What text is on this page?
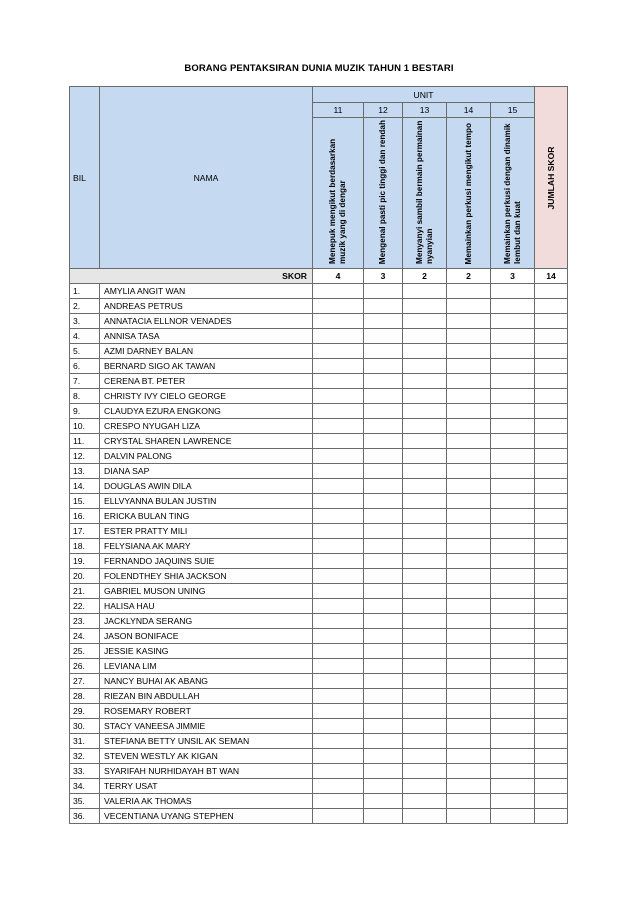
BORANG PENTAKSIRAN DUNIA MUZIK TAHUN 1 BESTARI
BIL	NAMA	UNIT					JUMLAH SKOR

		11	12	13	14	15	

		Menepuk mengikut berdasarkan muzik yang di dengar	Mengenal pasti pic tinggi dan rendah	Menyanyi sambil bermain permainan nyanyian	Memainkan perkusi mengikut tempo	Memainkan perkusi dengan dinamik lembut dan kuat	

SKOR		4	3	2	2	3	14
1.	AMYLIA ANGIT WAN						
2.	ANDREAS PETRUS						
3.	ANNATACIA ELLNOR VENADES						
4.	ANNISA TASA						
5.	AZMI DARNEY BALAN						
6.	BERNARD SIGO AK TAWAN						
7.	CERENA BT. PETER						
8.	CHRISTY IVY CIELO GEORGE						
9.	CLAUDYA EZURA ENGKONG						
10.	CRESPO NYUGAH LIZA						
11.	CRYSTAL SHAREN LAWRENCE						
12.	DALVIN PALONG						
13.	DIANA SAP						
14.	DOUGLAS AWIN DILA						
15.	ELLVYANNA BULAN JUSTIN						
16.	ERICKA BULAN TING						
17.	ESTER PRATTY MILI						
18.	FELYSIANA AK MARY						
19.	FERNANDO JAQUINS SUIE						
20.	FOLENDTHEY SHIA JACKSON						
21.	GABRIEL MUSON UNING						
22.	HALISA HAU						
23.	JACKLYNDA SERANG						
24.	JASON BONIFACE						
25.	JESSIE KASING						
26.	LEVIANA LIM						
27.	NANCY BUHAI AK ABANG						
28.	RIEZAN BIN ABDULLAH						
29.	ROSEMARY ROBERT						
30.	STACY VANEESA JIMMIE						
31.	STEFIANA BETTY UNSIL AK SEMAN						
32.	STEVEN WESTLY AK KIGAN						
33.	SYARIFAH NURHIDAYAH BT WAN						
34.	TERRY USAT						
35.	VALERIA AK THOMAS						
36.	VECENTIANA UYANG STEPHEN						
